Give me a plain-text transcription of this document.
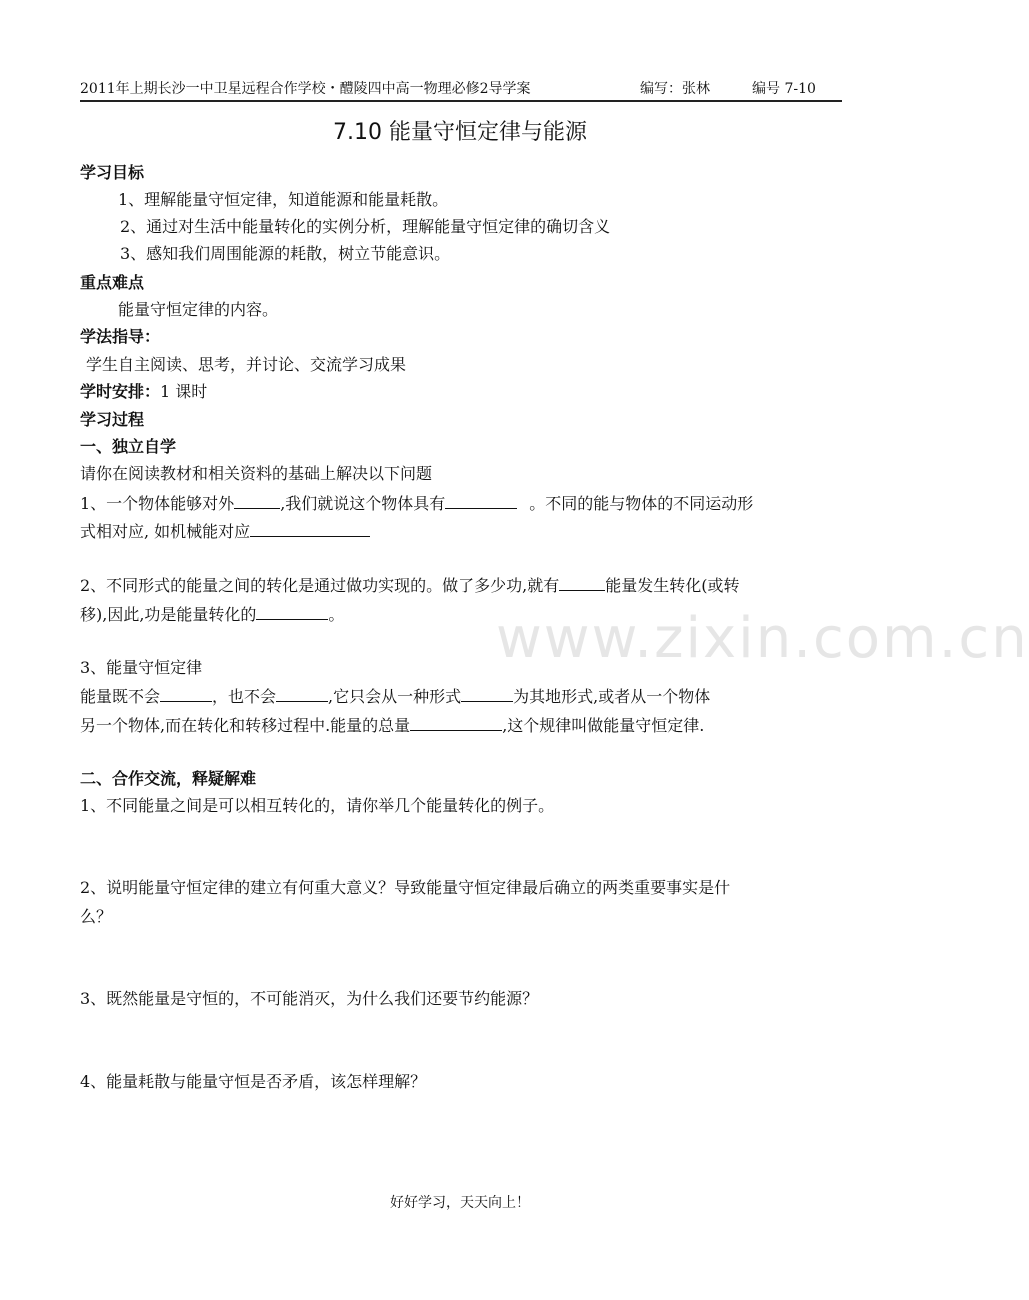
2011年上期长沙一中卫星远程合作学校・醴陵四中高一物理必修2导学案	编写：张林	编号 7-10
www.zixin.com.cn
7.10 能量守恒定律与能源
学习目标
1、理解能量守恒定律，知道能源和能量耗散。
2、通过对生活中能量转化的实例分析，理解能量守恒定律的确切含义
3、感知我们周围能源的耗散，树立节能意识。
重点难点
能量守恒定律的内容。
学法指导：
学生自主阅读、思考，并讨论、交流学习成果
学时安排：1 课时
学习过程
一、独立自学
请你在阅读教材和相关资料的基础上解决以下问题
1、一个物体能够对外	,我们就说这个物体具有	。不同的能与物体的不同运动形
式相对应, 如机械能对应
2、不同形式的能量之间的转化是通过做功实现的。做了多少功,就有	能量发生转化(或转
移),因此,功是能量转化的	。
3、能量守恒定律
能量既不会	，也不会	,它只会从一种形式	为其地形式,或者从一个物体
另一个物体,而在转化和转移过程中.能量的总量	,这个规律叫做能量守恒定律.
二、合作交流，释疑解难
1、不同能量之间是可以相互转化的，请你举几个能量转化的例子。
2、说明能量守恒定律的建立有何重大意义？导致能量守恒定律最后确立的两类重要事实是什
么？
3、既然能量是守恒的，不可能消灭，为什么我们还要节约能源？
4、能量耗散与能量守恒是否矛盾，该怎样理解？
好好学习，天天向上！
